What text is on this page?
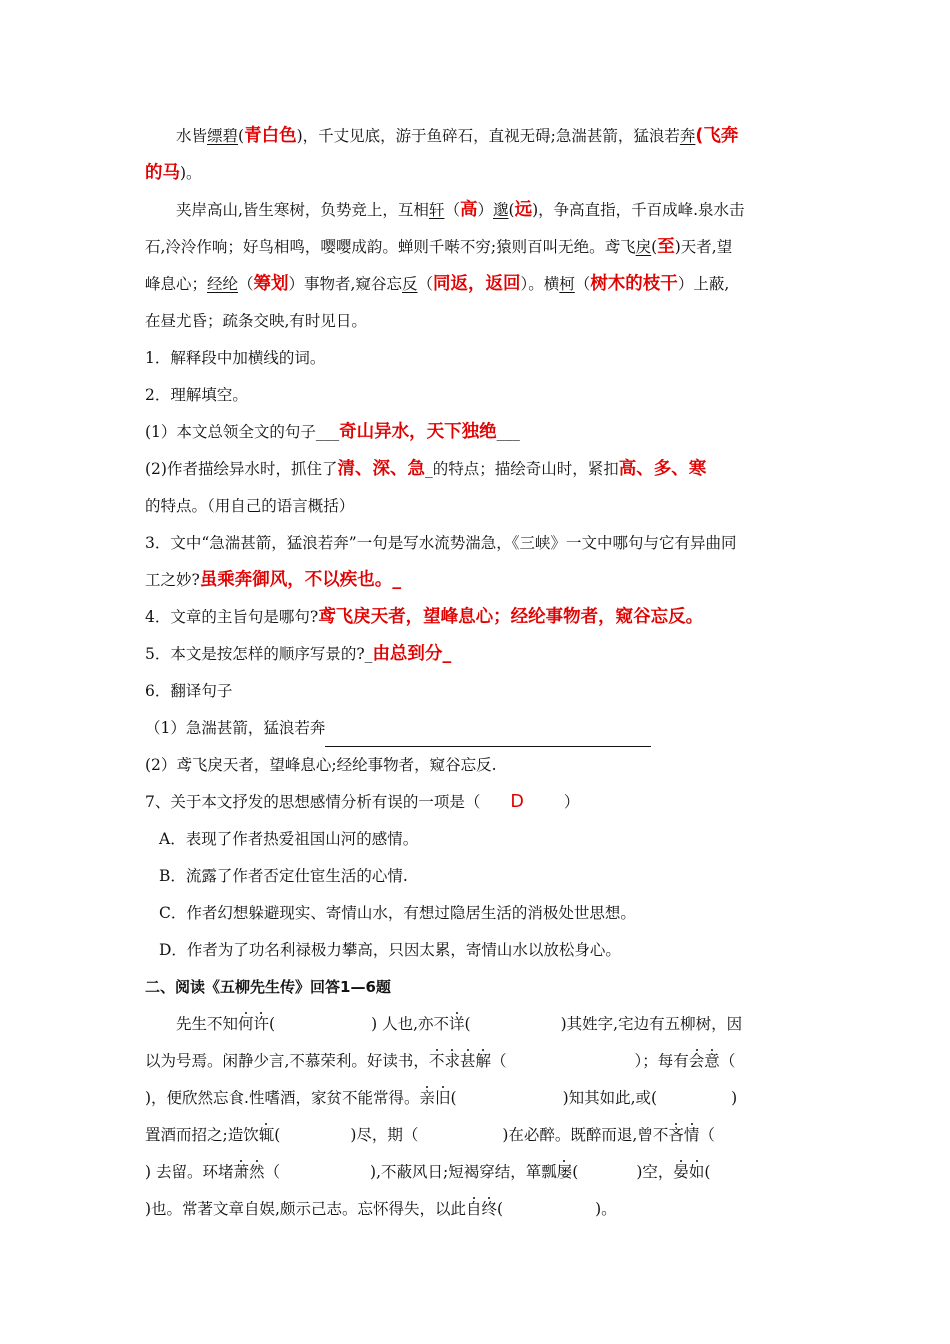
水皆缥碧(青白色)，千丈见底，游于鱼碎石，直视无碍;急湍甚箭，猛浪若奔(飞奔
的马)。
夹岸高山,皆生寒树，负势竞上，互相轩（高）邈(远)，争高直指，千百成峰.泉水击
石,泠泠作响；好鸟相鸣，嘤嘤成韵。蝉则千啭不穷;猿则百叫无绝。鸢飞戾(至)天者,望
峰息心；经纶（筹划）事物者,窥谷忘反（同返，返回）。横柯（树木的枝干）上蔽,
在昼尤昏；疏条交映,有时见日。
1．解释段中加横线的词。
2．理解填空。
(1）本文总领全文的句子___奇山异水，天下独绝___
(2)作者描绘异水时，抓住了清、深、急_的特点；描绘奇山时，紧扣高、多、寒
的特点。（用自己的语言概括）
3．文中“急湍甚箭，猛浪若奔”一句是写水流势湍急，《三峡》一文中哪句与它有异曲同
工之妙?虽乘奔御风，不以疾也。_
4．文章的主旨句是哪句?鸢飞戾天者，望峰息心；经纶事物者，窥谷忘反。
5．本文是按怎样的顺序写景的?_由总到分_
6．翻译句子
（1）急湍甚箭，猛浪若奔
(2）鸢飞戾天者，望峰息心;经纶事物者，窥谷忘反.
7、关于本文抒发的思想感情分析有误的一项是（ D	）
A．表现了作者热爱祖国山河的感情。
B．流露了作者否定仕宦生活的心情.
C．作者幻想躲避现实、寄情山水，有想过隐居生活的消极处世思想。
D．作者为了功名利禄极力攀高，只因太累，寄情山水以放松身心。
二、阅读《五柳先生传》回答1—6题
先生不知何许(	) 人也,亦不详(	)其姓字,宅边有五柳树，因
以为号焉。闲静少言,不慕荣利。好读书，不求甚解（	）；每有会意（
)，便欣然忘食.性嗜酒，家贫不能常得。亲旧(	)知其如此,或(	)
置酒而招之;造饮辄(	)尽，期（	)在必醉。既醉而退,曾不吝情（
) 去留。环堵萧然（	),不蔽风日;短褐穿结，箪瓢屡(	)空，晏如(
)也。常著文章自娱,颇示己志。忘怀得失，以此自终(	)。
